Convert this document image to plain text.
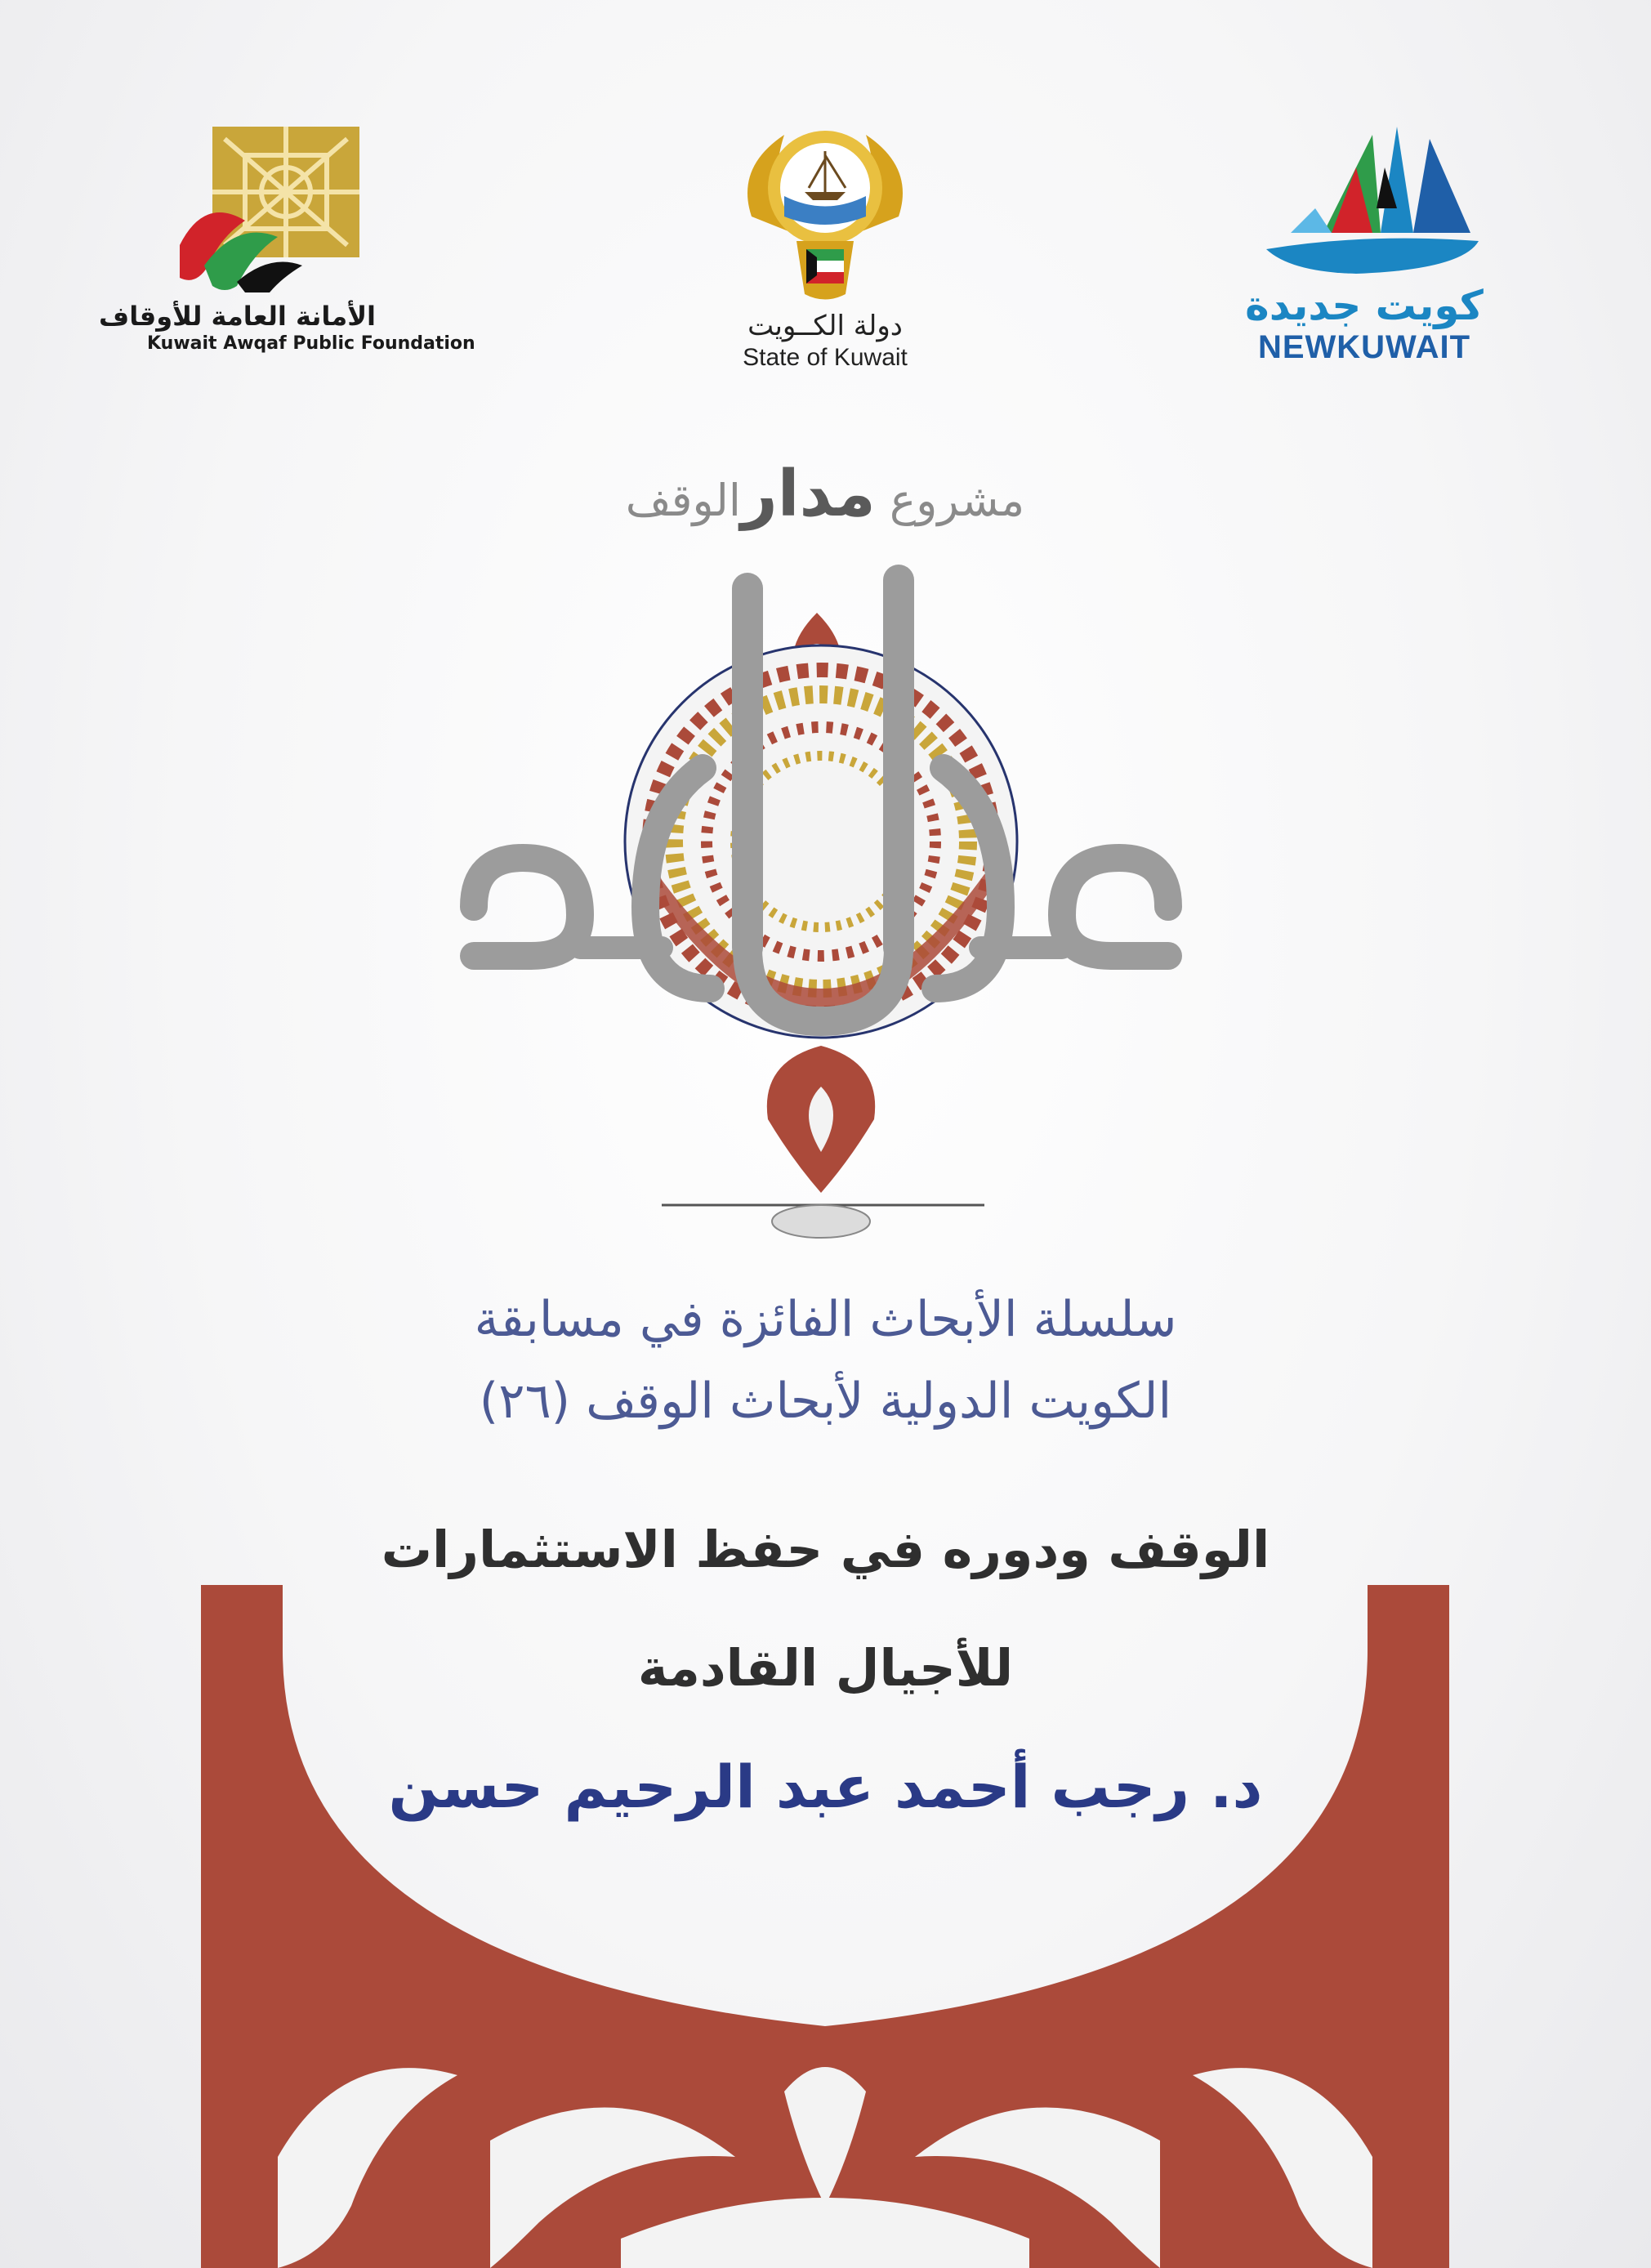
الأمانة العامة للأوقاف
Kuwait Awqaf Public Foundation
دولة الكــويت
State of Kuwait
كويت جديدة
NEWKUWAIT
مشروع مدارالوقف
سلسلة الأبحاث الفائزة في مسابقة
الكويت الدولية لأبحاث الوقف (٢٦)
الوقف ودوره في حفظ الاستثمارات
للأجيال القادمة
د. رجب أحمد عبد الرحيم حسن
